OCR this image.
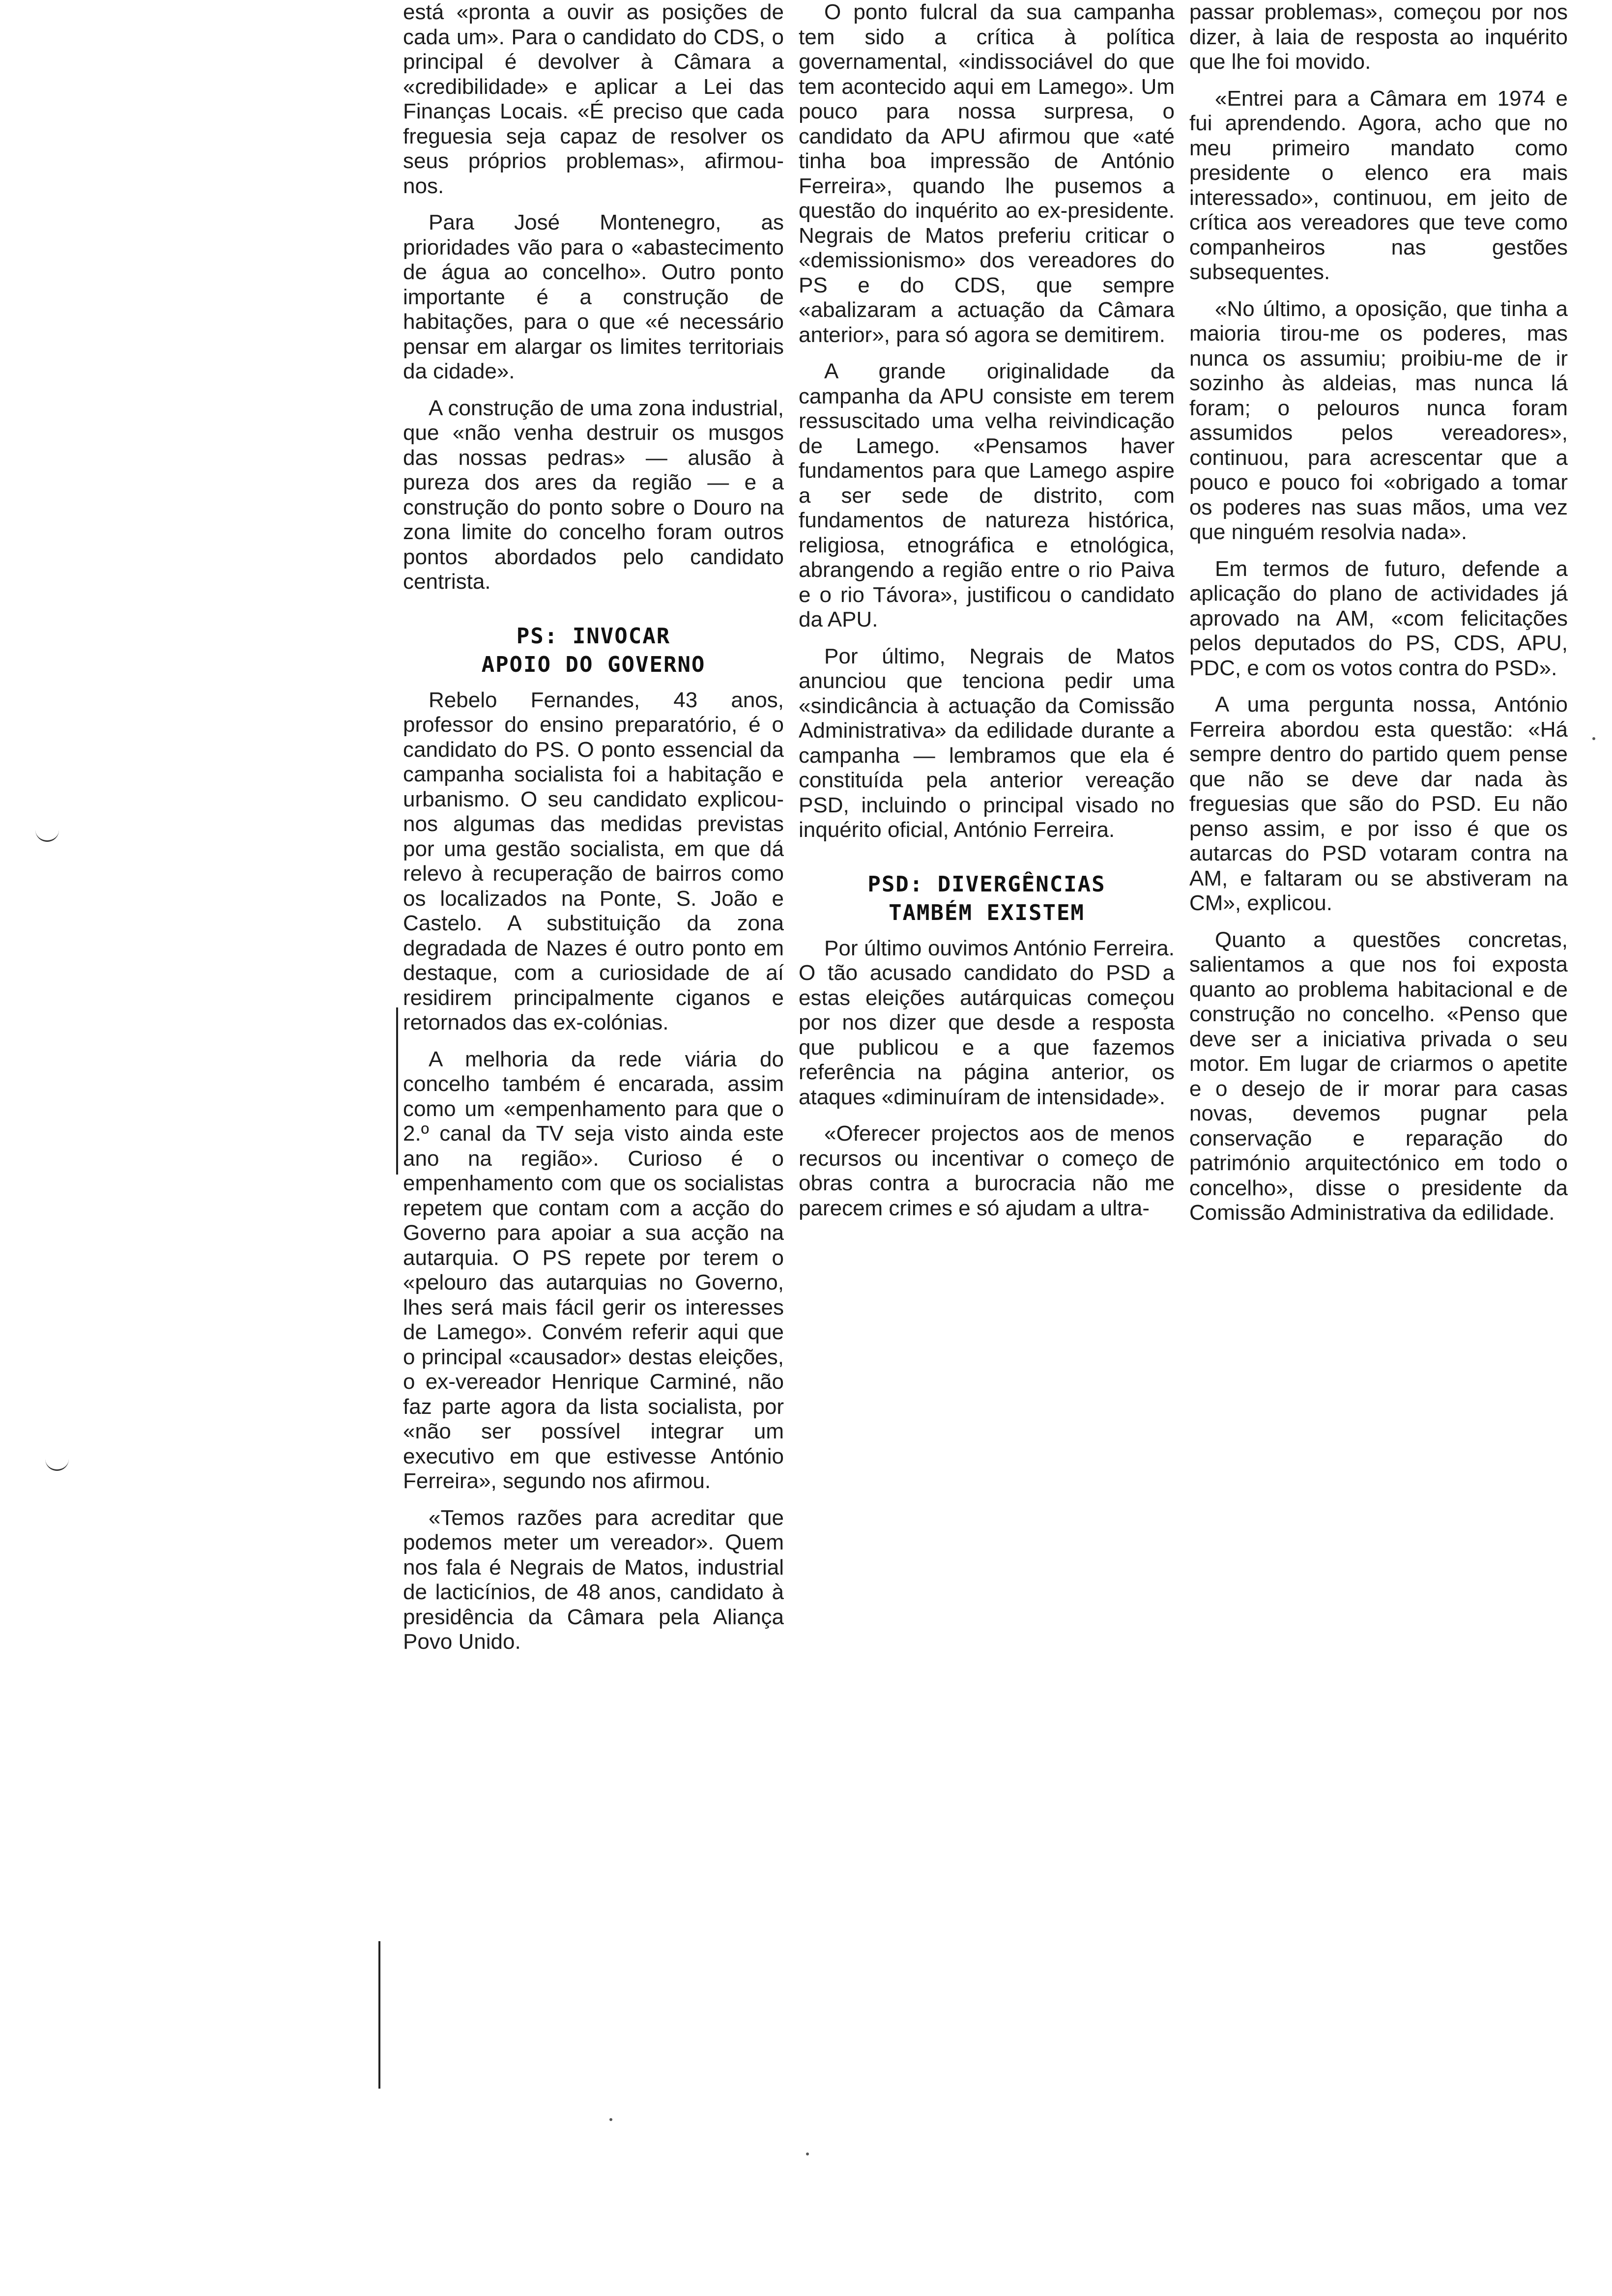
está «pronta a ouvir as posições de cada um». Para o candidato do CDS, o principal é devolver à Câmara a «credibilidade» e aplicar a Lei das Finanças Locais. «É preciso que cada freguesia seja capaz de resolver os seus próprios problemas», afirmou-nos.

Para José Montenegro, as prioridades vão para o «abastecimento de água ao concelho». Outro ponto importante é a construção de habitações, para o que «é necessário pensar em alargar os limites territoriais da cidade».

A construção de uma zona industrial, que «não venha destruir os musgos das nossas pedras» — alusão à pureza dos ares da região — e a construção do ponto sobre o Douro na zona limite do concelho foram outros pontos abordados pelo candidato centrista.

PS: INVOCAR
APOIO DO GOVERNO

Rebelo Fernandes, 43 anos, professor do ensino preparatório, é o candidato do PS. O ponto essencial da campanha socialista foi a habitação e urbanismo. O seu candidato explicou-nos algumas das medidas previstas por uma gestão socialista, em que dá relevo à recuperação de bairros como os localizados na Ponte, S. João e Castelo. A substituição da zona degradada de Nazes é outro ponto em destaque, com a curiosidade de aí residirem principalmente ciganos e retornados das ex-colónias.

A melhoria da rede viária do concelho também é encarada, assim como um «empenhamento para que o 2.º canal da TV seja visto ainda este ano na região». Curioso é o empenhamento com que os socialistas repetem que contam com a acção do Governo para apoiar a sua acção na autarquia. O PS repete por terem o «pelouro das autarquias no Governo, lhes será mais fácil gerir os interesses de Lamego». Convém referir aqui que o principal «causador» destas eleições, o ex-vereador Henrique Carminé, não faz parte agora da lista socialista, por «não ser possível integrar um executivo em que estivesse António Ferreira», segundo nos afirmou.

«Temos razões para acreditar que podemos meter um vereador». Quem nos fala é Negrais de Matos, industrial de lacticínios, de 48 anos, candidato à presidência da Câmara pela Aliança Povo Unido.

O ponto fulcral da sua campanha tem sido a crítica à política governamental, «indissociável do que tem acontecido aqui em Lamego». Um pouco para nossa surpresa, o candidato da APU afirmou que «até tinha boa impressão de António Ferreira», quando lhe pusemos a questão do inquérito ao ex-presidente. Negrais de Matos preferiu criticar o «demissionismo» dos vereadores do PS e do CDS, que sempre «abalizaram a actuação da Câmara anterior», para só agora se demitirem.

A grande originalidade da campanha da APU consiste em terem ressuscitado uma velha reivindicação de Lamego. «Pensamos haver fundamentos para que Lamego aspire a ser sede de distrito, com fundamentos de natureza histórica, religiosa, etnográfica e etnológica, abrangendo a região entre o rio Paiva e o rio Távora», justificou o candidato da APU.

Por último, Negrais de Matos anunciou que tenciona pedir uma «sindicância à actuação da Comissão Administrativa» da edilidade durante a campanha — lembramos que ela é constituída pela anterior vereação PSD, incluindo o principal visado no inquérito oficial, António Ferreira.

PSD: DIVERGÊNCIAS
TAMBÉM EXISTEM

Por último ouvimos António Ferreira. O tão acusado candidato do PSD a estas eleições autárquicas começou por nos dizer que desde a resposta que publicou e a que fazemos referência na página anterior, os ataques «diminuíram de intensidade».

«Oferecer projectos aos de menos recursos ou incentivar o começo de obras contra a burocracia não me parecem crimes e só ajudam a ultra-

passar problemas», começou por nos dizer, à laia de resposta ao inquérito que lhe foi movido.

«Entrei para a Câmara em 1974 e fui aprendendo. Agora, acho que no meu primeiro mandato como presidente o elenco era mais interessado», continuou, em jeito de crítica aos vereadores que teve como companheiros nas gestões subsequentes.

«No último, a oposição, que tinha a maioria tirou-me os poderes, mas nunca os assumiu; proibiu-me de ir sozinho às aldeias, mas nunca lá foram; o pelouros nunca foram assumidos pelos vereadores», continuou, para acrescentar que a pouco e pouco foi «obrigado a tomar os poderes nas suas mãos, uma vez que ninguém resolvia nada».

Em termos de futuro, defende a aplicação do plano de actividades já aprovado na AM, «com felicitações pelos deputados do PS, CDS, APU, PDC, e com os votos contra do PSD».

A uma pergunta nossa, António Ferreira abordou esta questão: «Há sempre dentro do partido quem pense que não se deve dar nada às freguesias que são do PSD. Eu não penso assim, e por isso é que os autarcas do PSD votaram contra na AM, e faltaram ou se abstiveram na CM», explicou.

Quanto a questões concretas, salientamos a que nos foi exposta quanto ao problema habitacional e de construção no concelho. «Penso que deve ser a iniciativa privada o seu motor. Em lugar de criarmos o apetite e o desejo de ir morar para casas novas, devemos pugnar pela conservação e reparação do património arquitectónico em todo o concelho», disse o presidente da Comissão Administrativa da edilidade.
